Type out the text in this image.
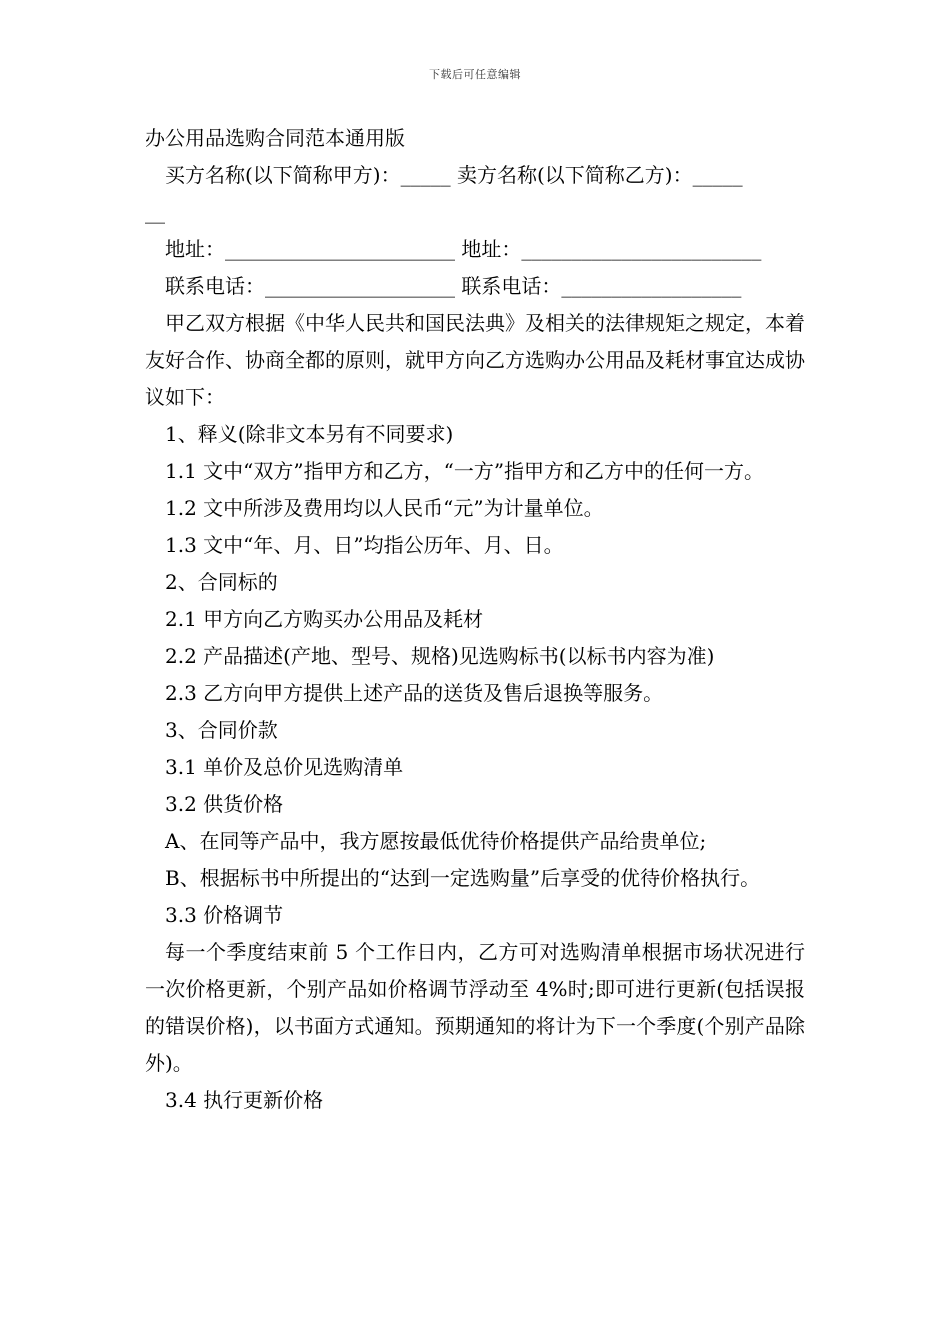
下载后可任意编辑
办公用品选购合同范本通用版
买方名称(以下简称甲方)：_____ 卖方名称(以下简称乙方)：_____
__
地址：_______________________ 地址：________________________
联系电话：___________________ 联系电话：__________________
甲乙双方根据《中华人民共和国民法典》及相关的法律规矩之规定，本着友好合作、协商全都的原则，就甲方向乙方选购办公用品及耗材事宜达成协议如下：
1、释义(除非文本另有不同要求)
1.1 文中“双方”指甲方和乙方，“一方”指甲方和乙方中的任何一方。
1.2 文中所涉及费用均以人民币“元”为计量单位。
1.3 文中“年、月、日”均指公历年、月、日。
2、合同标的
2.1 甲方向乙方购买办公用品及耗材
2.2 产品描述(产地、型号、规格)见选购标书(以标书内容为准)
2.3 乙方向甲方提供上述产品的送货及售后退换等服务。
3、合同价款
3.1 单价及总价见选购清单
3.2 供货价格
A、在同等产品中，我方愿按最低优待价格提供产品给贵单位;
B、根据标书中所提出的“达到一定选购量”后享受的优待价格执行。
3.3 价格调节
每一个季度结束前 5 个工作日内，乙方可对选购清单根据市场状况进行一次价格更新，个别产品如价格调节浮动至 4%时;即可进行更新(包括误报的错误价格)，以书面方式通知。预期通知的将计为下一个季度(个别产品除外)。
3.4 执行更新价格
